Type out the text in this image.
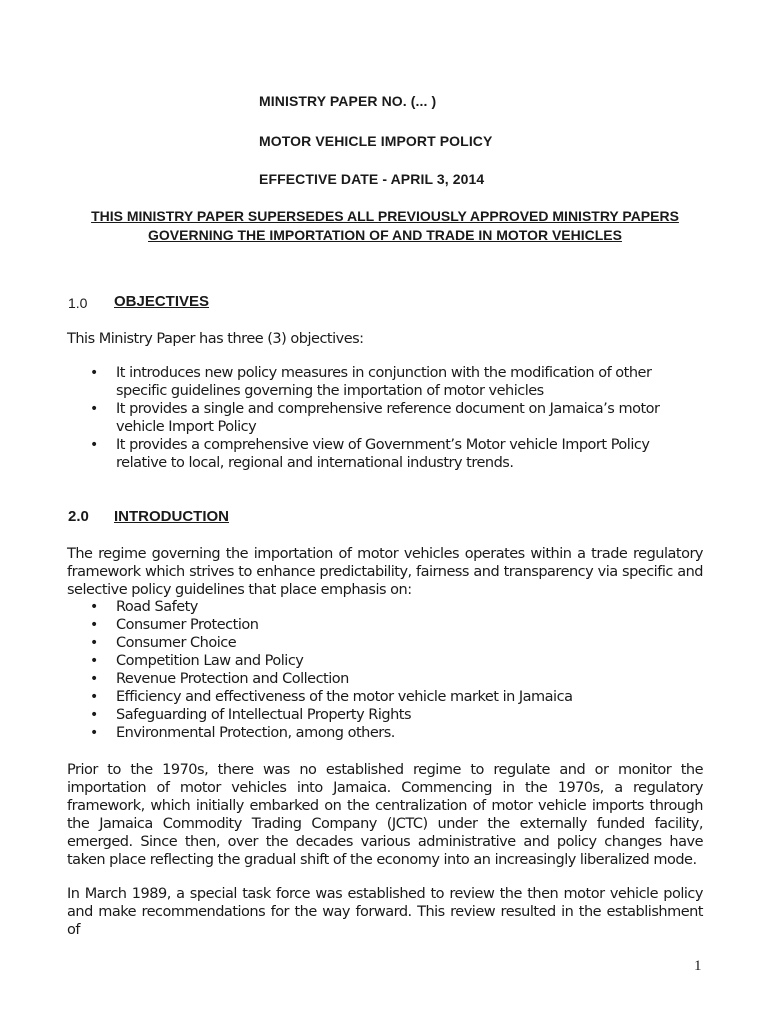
MINISTRY PAPER NO. (... )
MOTOR VEHICLE IMPORT POLICY
EFFECTIVE DATE - APRIL 3, 2014
THIS MINISTRY PAPER SUPERSEDES ALL PREVIOUSLY APPROVED MINISTRY PAPERS GOVERNING THE IMPORTATION OF AND TRADE IN MOTOR VEHICLES
1.0 OBJECTIVES
This Ministry Paper has three (3) objectives:
• It introduces new policy measures in conjunction with the modification of other specific guidelines governing the importation of motor vehicles
• It provides a single and comprehensive reference document on Jamaica’s motor vehicle Import Policy
• It provides a comprehensive view of Government’s Motor vehicle Import Policy relative to local, regional and international industry trends.
2.0 INTRODUCTION
The regime governing the importation of motor vehicles operates within a trade regulatory framework which strives to enhance predictability, fairness and transparency via specific and selective policy guidelines that place emphasis on:
• Road Safety
• Consumer Protection
• Consumer Choice
• Competition Law and Policy
• Revenue Protection and Collection
• Efficiency and effectiveness of the motor vehicle market in Jamaica
• Safeguarding of Intellectual Property Rights
• Environmental Protection, among others.
Prior to the 1970s, there was no established regime to regulate and or monitor the importation of motor vehicles into Jamaica. Commencing in the 1970s, a regulatory framework, which initially embarked on the centralization of motor vehicle imports through the Jamaica Commodity Trading Company (JCTC) under the externally funded facility, emerged. Since then, over the decades various administrative and policy changes have taken place reflecting the gradual shift of the economy into an increasingly liberalized mode.
In March 1989, a special task force was established to review the then motor vehicle policy and make recommendations for the way forward. This review resulted in the establishment of
1
